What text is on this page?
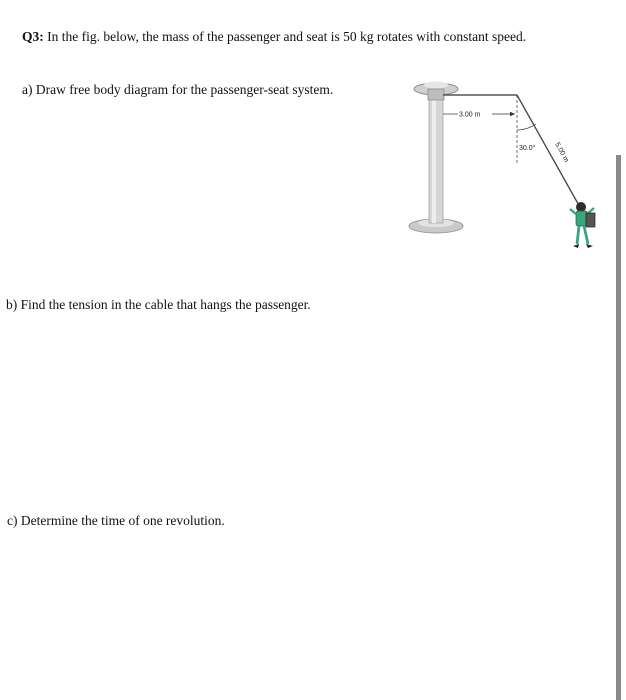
Q3: In the fig. below, the mass of the passenger and seat is 50 kg rotates with constant speed.
a) Draw free body diagram for the passenger-seat system.
b) Find the tension in the cable that hangs the passenger.
c) Determine the time of one revolution.
3.00 m
30.0°	5.00 m
